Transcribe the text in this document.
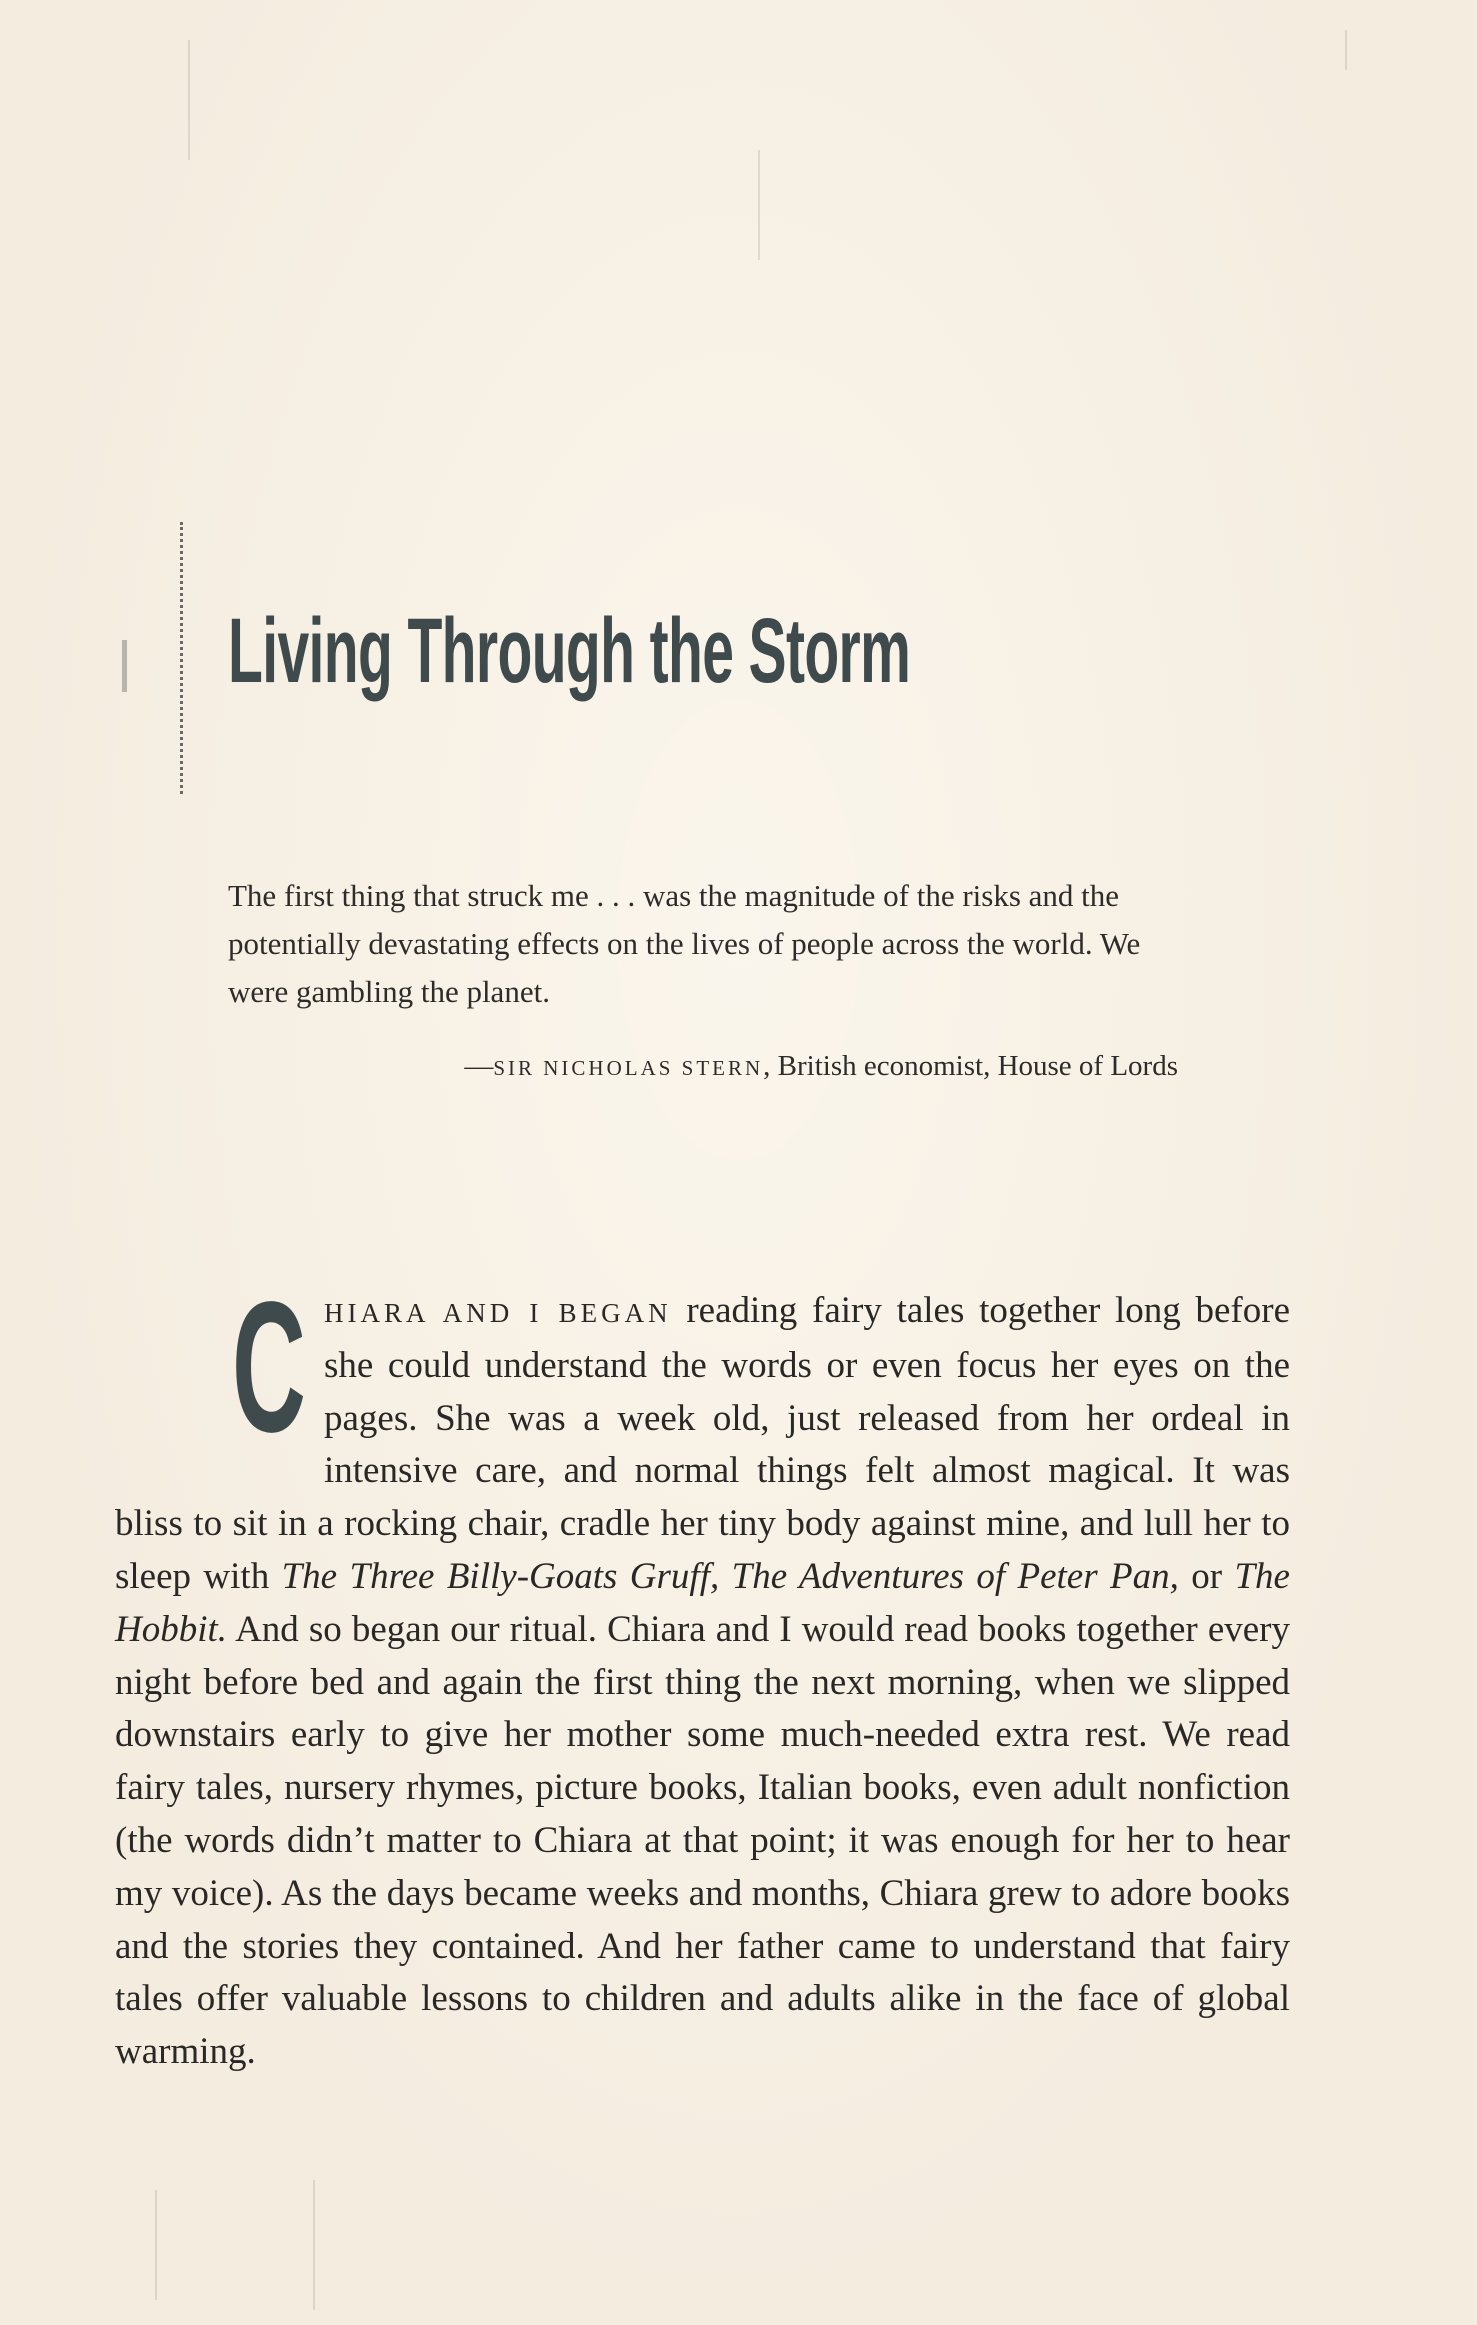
Living Through the Storm

The first thing that struck me . . . was the magnitude of the risks and the potentially devastating effects on the lives of people across the world. We were gambling the planet.

—SIR NICHOLAS STERN, British economist, House of Lords

CHIARA AND I BEGAN reading fairy tales together long before she could understand the words or even focus her eyes on the pages. She was a week old, just released from her ordeal in intensive care, and normal things felt almost magical. It was bliss to sit in a rocking chair, cradle her tiny body against mine, and lull her to sleep with The Three Billy-Goats Gruff, The Adventures of Peter Pan, or The Hobbit. And so began our ritual. Chiara and I would read books together every night before bed and again the first thing the next morning, when we slipped downstairs early to give her mother some much-needed extra rest. We read fairy tales, nursery rhymes, picture books, Italian books, even adult nonfiction (the words didn’t matter to Chiara at that point; it was enough for her to hear my voice). As the days became weeks and months, Chiara grew to adore books and the stories they contained. And her father came to understand that fairy tales offer valuable lessons to children and adults alike in the face of global warming.
